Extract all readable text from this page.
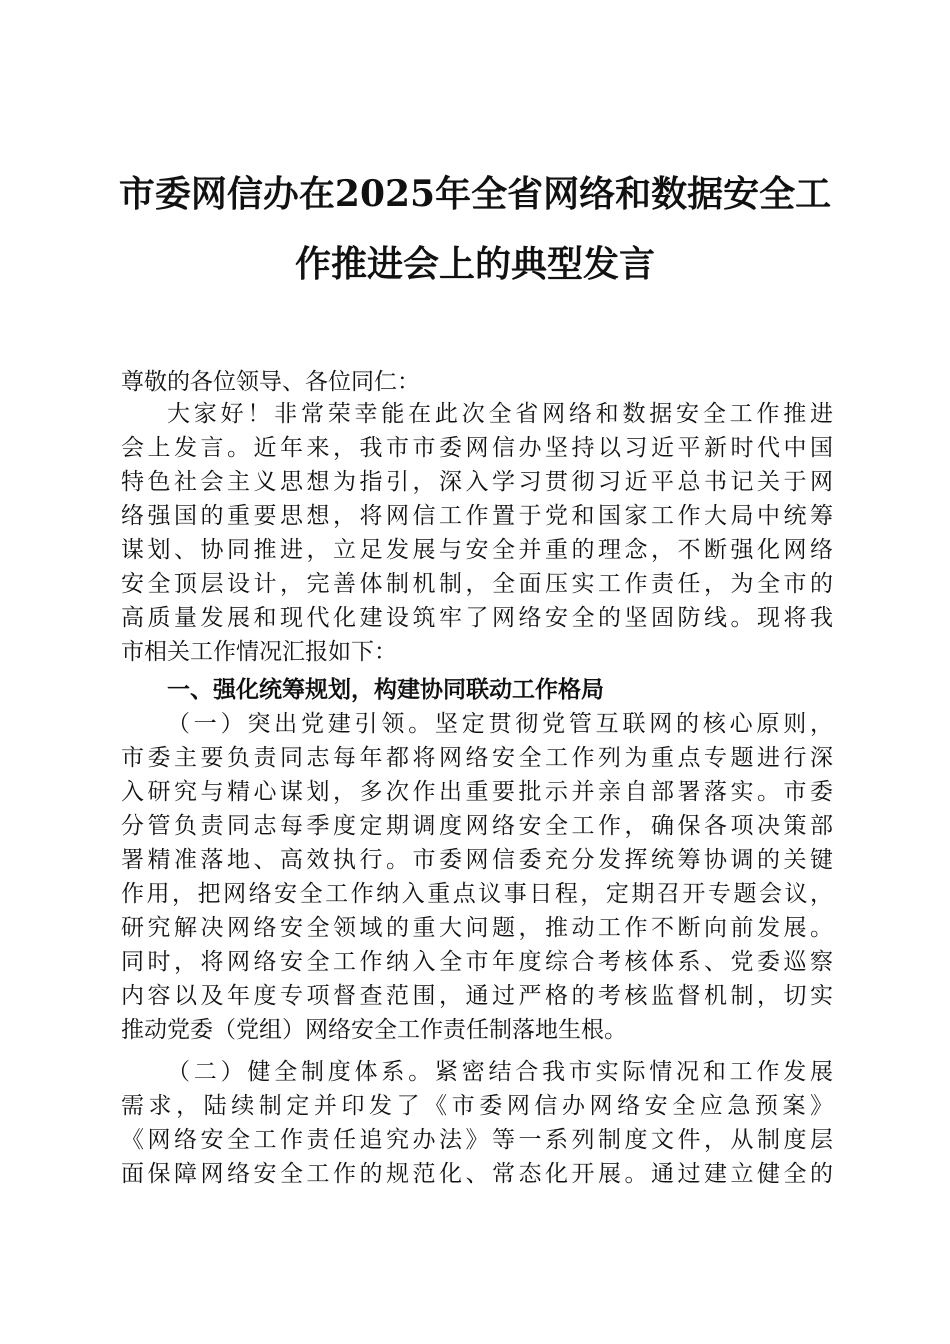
市委网信办在2025年全省网络和数据安全工
作推进会上的典型发言
尊敬的各位领导、各位同仁：
大家好！非常荣幸能在此次全省网络和数据安全工作推进
会上发言。近年来，我市市委网信办坚持以习近平新时代中国
特色社会主义思想为指引，深入学习贯彻习近平总书记关于网
络强国的重要思想，将网信工作置于党和国家工作大局中统筹
谋划、协同推进，立足发展与安全并重的理念，不断强化网络
安全顶层设计，完善体制机制，全面压实工作责任，为全市的
高质量发展和现代化建设筑牢了网络安全的坚固防线。现将我
市相关工作情况汇报如下：
一、强化统筹规划，构建协同联动工作格局
（一）突出党建引领。坚定贯彻党管互联网的核心原则，
市委主要负责同志每年都将网络安全工作列为重点专题进行深
入研究与精心谋划，多次作出重要批示并亲自部署落实。市委
分管负责同志每季度定期调度网络安全工作，确保各项决策部
署精准落地、高效执行。市委网信委充分发挥统筹协调的关键
作用，把网络安全工作纳入重点议事日程，定期召开专题会议，
研究解决网络安全领域的重大问题，推动工作不断向前发展。
同时，将网络安全工作纳入全市年度综合考核体系、党委巡察
内容以及年度专项督查范围，通过严格的考核监督机制，切实
推动党委（党组）网络安全工作责任制落地生根。
（二）健全制度体系。紧密结合我市实际情况和工作发展
需求，陆续制定并印发了《市委网信办网络安全应急预案》
《网络安全工作责任追究办法》等一系列制度文件，从制度层
面保障网络安全工作的规范化、常态化开展。通过建立健全的
